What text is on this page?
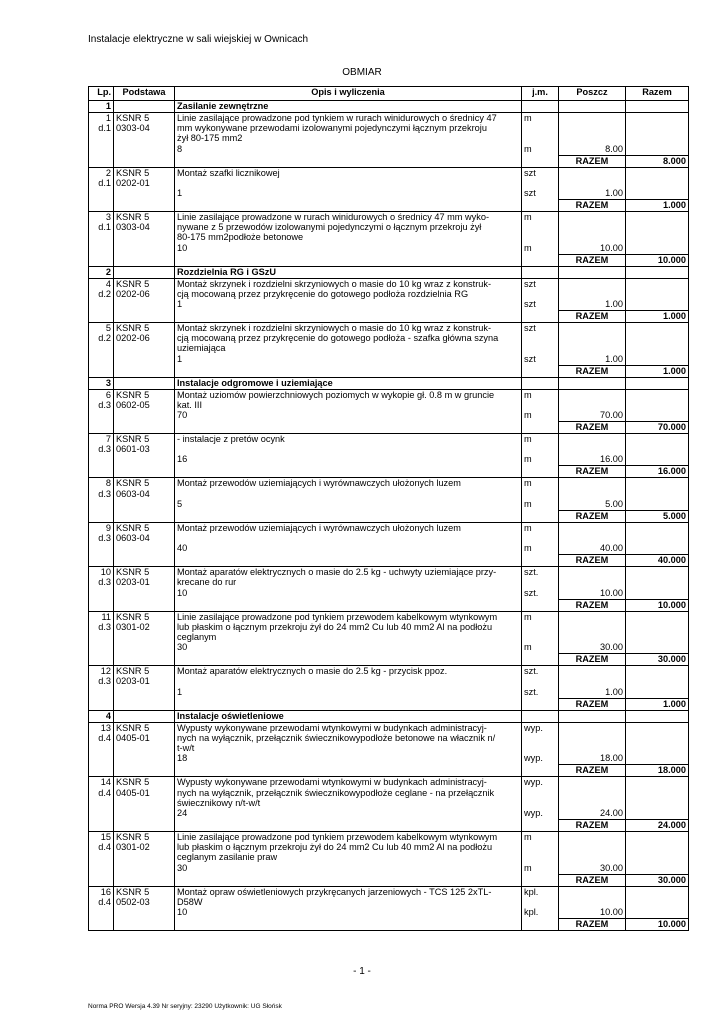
Instalacje elektryczne w sali wiejskiej w Ownicach
OBMIAR
Lp.	Podstawa	Opis i wyliczenia	j.m.	Poszcz	Razem
1		Zasilanie zewnętrzne			
1	KSNR 5	Linie zasilające prowadzone pod tynkiem w rurach winidurowych o średnicy 47	m		
d.1	0303-04	mm wykonywane przewodami izolowanymi pojedynczymi łącznym przekroju			
		żył 80-175 mm2			
		8	m	8.00	
				RAZEM	8.000
2	KSNR 5	Montaż szafki licznikowej	szt		
d.1	0202-01				
		1	szt	1.00	
				RAZEM	1.000
3	KSNR 5	Linie zasilające prowadzone w rurach winidurowych o średnicy 47 mm wyko-	m		
d.1	0303-04	nywane z 5 przewodów izolowanymi pojedynczymi o łącznym przekroju żył			
		80-175 mm2podłoże betonowe			
		10	m	10.00	
				RAZEM	10.000
2		Rozdzielnia RG i GSzU			
4	KSNR 5	Montaż skrzynek i rozdzielni skrzyniowych o masie do 10 kg wraz z konstruk-	szt		
d.2	0202-06	cją mocowaną przez przykręcenie do gotowego podłoża rozdzielnia RG			
		1	szt	1.00	
				RAZEM	1.000
5	KSNR 5	Montaż skrzynek i rozdzielni skrzyniowych o masie do 10 kg wraz z konstruk-	szt		
d.2	0202-06	cją mocowaną przez przykręcenie do gotowego podłoża - szafka główna szyna			
		uziemiająca			
		1	szt	1.00	
				RAZEM	1.000
3		Instalacje odgromowe i uziemiające			
6	KSNR 5	Montaż uziomów powierzchniowych poziomych w wykopie gł. 0.8 m w gruncie	m		
d.3	0602-05	kat. III			
		70	m	70.00	
				RAZEM	70.000
7	KSNR 5	- instalacje z pretów ocynk	m		
d.3	0601-03				
		16	m	16.00	
				RAZEM	16.000
8	KSNR 5	Montaż przewodów uziemiających i wyrównawczych ułożonych luzem	m		
d.3	0603-04				
		5	m	5.00	
				RAZEM	5.000
9	KSNR 5	Montaż przewodów uziemiających i wyrównawczych ułożonych luzem	m		
d.3	0603-04				
		40	m	40.00	
				RAZEM	40.000
10	KSNR 5	Montaż aparatów elektrycznych o masie do 2.5 kg - uchwyty uziemiające przy-	szt.		
d.3	0203-01	krecane do rur			
		10	szt.	10.00	
				RAZEM	10.000
11	KSNR 5	Linie zasilające prowadzone pod tynkiem przewodem kabelkowym wtynkowym	m		
d.3	0301-02	lub płaskim o łącznym przekroju żył do 24 mm2 Cu lub 40 mm2 Al na podłożu			
		ceglanym			
		30	m	30.00	
				RAZEM	30.000
12	KSNR 5	Montaż aparatów elektrycznych o masie do 2.5 kg - przycisk ppoz.	szt.		
d.3	0203-01				
		1	szt.	1.00	
				RAZEM	1.000
4		Instalacje oświetleniowe			
13	KSNR 5	Wypusty wykonywane przewodami wtynkowymi w budynkach administracyj-	wyp.		
d.4	0405-01	nych na wyłącznik, przełącznik świecznikowypodłoże betonowe na włacznik n/			
		t-w/t			
		18	wyp.	18.00	
				RAZEM	18.000
14	KSNR 5	Wypusty wykonywane przewodami wtynkowymi w budynkach administracyj-	wyp.		
d.4	0405-01	nych na wyłącznik, przełącznik świecznikowypodłoże ceglane - na przełącznik			
		świecznikowy n/t-w/t			
		24	wyp.	24.00	
				RAZEM	24.000
15	KSNR 5	Linie zasilające prowadzone pod tynkiem przewodem kabelkowym wtynkowym	m		
d.4	0301-02	lub płaskim o łącznym przekroju żył do 24 mm2 Cu lub 40 mm2 Al na podłożu			
		ceglanym zasilanie praw			
		30	m	30.00	
				RAZEM	30.000
16	KSNR 5	Montaż opraw oświetleniowych przykręcanych jarzeniowych - TCS 125 2xTL-	kpl.		
d.4	0502-03	D58W			
		10	kpl.	10.00	
				RAZEM	10.000
- 1 -
Norma PRO Wersja 4.39 Nr seryjny: 23290 Użytkownik: UG Słońsk
